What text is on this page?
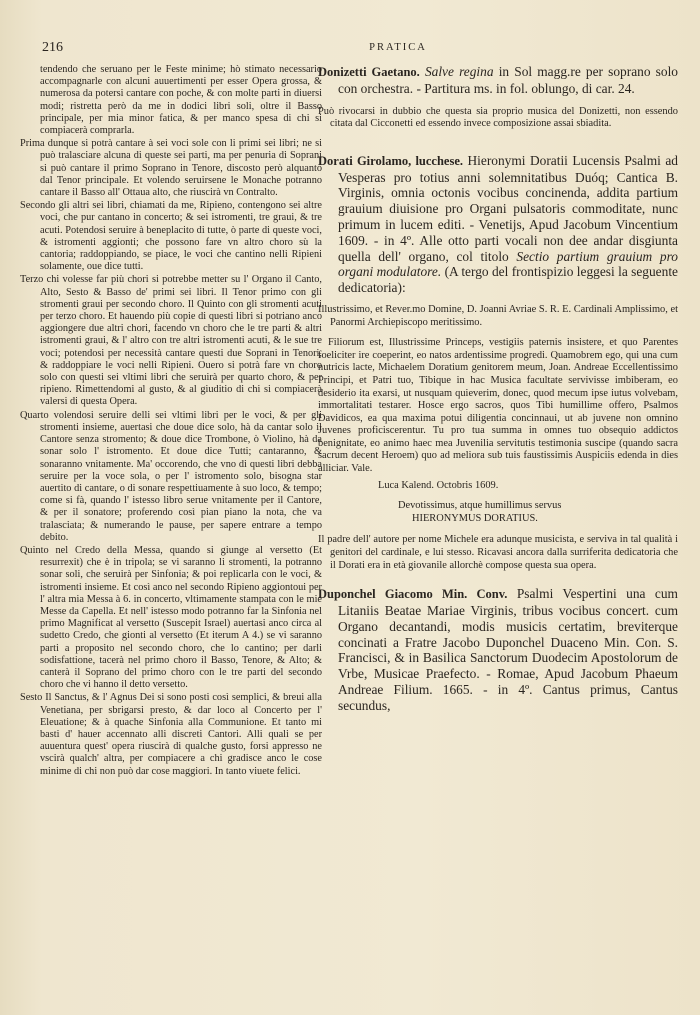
216	PRATICA

tendendo che seruano per le Feste minime; hò stimato necessario accompagnarle con alcuni auuertimenti per esser Opera grossa, & numerosa da potersi cantare con poche, & con molte parti in diuersi modi; ristretta però da me in dodici libri soli, oltre il Basso principale, per mia minor fatica, & per manco spesa di chi si compiacerà comprarla.

Prima dunque si potrà cantare à sei voci sole con li primi sei libri; ne si può tralasciare alcuna di queste sei parti, ma per penuria di Soprani si può cantare il primo Soprano in Tenore, discosto però alquanto dal Tenor principale. Et volendo seruirsene le Monache potranno cantare il Basso all' Ottaua alto, che riuscirà vn Contralto.

Secondo gli altri sei libri, chiamati da me, Ripieno, contengono sei altre voci, che pur cantano in concerto; & sei istromenti, tre graui, & tre acuti. Potendosi seruire à beneplacito di tutte, ò parte di queste voci, & istromenti aggionti; che possono fare vn altro choro sù la cantoria; raddoppiando, se piace, le voci che cantino nelli Ripieni solamente, oue dice tutti.

Terzo chi volesse far più chori si potrebbe metter su l' Organo il Canto, Alto, Sesto & Basso de' primi sei libri. Il Tenor primo con gli stromenti graui per secondo choro. Il Quinto con gli stromenti acuti per terzo choro. Et hauendo più copie di questi libri si potriano anco aggiongere due altri chori, facendo vn choro che le tre parti & altri istromenti graui, & l' altro con tre altri istromenti acuti, & le sue tre voci; potendosi per necessità cantare questi due Soprani in Tenori, & raddoppiare le voci nelli Ripieni. Ouero si potrà fare vn choro solo con questi sei vltimi libri che seruirà per quarto choro, & per ripieno. Rimettendomi al gusto, & al giuditio di chi si compiacerà valersi di questa Opera.

Quarto volendosi seruire delli sei vltimi libri per le voci, & per gli stromenti insieme, auertasi che doue dice solo, hà da cantar solo il Cantore senza stromento; & doue dice Trombone, ò Violino, hà da sonar solo l' istromento. Et doue dice Tutti; cantaranno, & sonaranno vnitamente. Ma' occorendo, che vno di questi libri debba seruire per la voce sola, o per l' istromento solo, bisogna star auertito di cantare, o di sonare respettiuamente à suo loco, & tempo; come si fà, quando l' istesso libro serue vnitamente per il Cantore, & per il sonatore; proferendo così pian piano la nota, che va tralasciata; & numerando le pause, per sapere entrare a tempo debito.

Quinto nel Credo della Messa, quando si giunge al versetto (Et resurrexit) che è in tripola; se vi saranno li stromenti, la potranno sonar soli, che seruirà per Sinfonia; & poi replicarla con le voci, & istromenti insieme. Et così anco nel secondo Ripieno aggiontoui per l' altra mia Messa à 6. in concerto, vltimamente stampata con le mie Messe da Capella. Et nell' istesso modo potranno far la Sinfonia nel primo Magnificat al versetto (Suscepit Israel) auertasi anco circa al sudetto Credo, che gionti al versetto (Et iterum A 4.) se vi saranno parti a proposito nel secondo choro, che lo cantino; per darli sodisfattione, tacerà nel primo choro il Basso, Tenore, & Alto; & canterà il Soprano del primo choro con le tre parti del secondo choro che vi hanno il detto versetto.

Sesto Il Sanctus, & l' Agnus Dei si sono posti così semplici, & breui alla Venetiana, per sbrigarsi presto, & dar loco al Concerto per l' Eleuatione; & à quache Sinfonia alla Communione. Et tanto mi basti d' hauer accennato alli discreti Cantori. Alli quali se per auuentura quest' opera riuscirà di qualche gusto, forsi appresso ne vscirà qualch' altra, per compiacere a chi gradisce anco le cose minime di chi non può dar cose maggiori. In tanto viuete felici.

Donizetti Gaetano. Salve regina in Sol magg.re per soprano solo con orchestra. - Partitura ms. in fol. oblungo, di car. 24.

Può rivocarsi in dubbio che questa sia proprio musica del Donizetti, non essendo citata dal Cicconetti ed essendo invece composizione assai sbiadita.

Dorati Girolamo, lucchese. Hieronymi Doratii Lucensis Psalmi ad Vesperas pro totius anni solemnitatibus Duóq; Cantica B. Virginis, omnia octonis vocibus concinenda, addita partium grauium diuisione pro Organi pulsatoris commoditate, nunc primum in lucem editi. - Venetijs, Apud Jacobum Vincentium 1609. - in 4º. Alle otto parti vocali non dee andar disgiunta quella dell' organo, col titolo Sectio partium grauium pro organi modulatore. (A tergo del frontispizio leggesi la seguente dedicatoria):

Illustrissimo, et Rever.mo Domine, D. Joanni Avriae S. R. E. Cardinali Amplissimo, et Panormi Archiepiscopo meritissimo.

Filiorum est, Illustrissime Princeps, vestigiis paternis insistere, et quo Parentes foeliciter ire coeperint, eo natos ardentissime progredi. Quamobrem ego, qui una cum nutricis lacte, Michaelem Doratium genitorem meum, Joan. Andreae Eccellentissimo Principi, et Patri tuo, Tibique in hac Musica facultate servivisse imbiberam, eo desiderio ita exarsi, ut nusquam quieverim, donec, quod mecum ipse iutus volvebam, immortalitati testarer. Hosce ergo sacros, quos Tibi humillime offero, Psalmos Davidicos, ea qua maxima potui diligentia concinnaui, ut ab juvene non omnino Juvenes proficiscerentur. Tu pro tua summa in omnes tuo obsequio addictos benignitate, eo animo haec mea Juvenilia servitutis testimonia suscipe (quando sacra sacrum decent Heroem) quo ad meliora sub tuis faustissimis Auspiciis edenda in dies alliciar. Vale.

Luca Kalend. Octobris 1609.

Devotissimus, atque humillimus servus

HIERONYMUS DORATIUS.

Il padre dell' autore per nome Michele era adunque musicista, e serviva in tal qualità i genitori del cardinale, e lui stesso. Ricavasi ancora dalla surriferita dedicatoria che il Dorati era in età giovanile allorchè compose questa sua opera.

Duponchel Giacomo Min. Conv. Psalmi Vespertini una cum Litaniis Beatae Mariae Virginis, tribus vocibus concert. cum Organo decantandi, modis musicis certatim, breviterque concinati a Fratre Jacobo Duponchel Duaceno Min. Con. S. Francisci, & in Basilica Sanctorum Duodecim Apostolorum de Vrbe, Musicae Praefecto. - Romae, Apud Jacobum Phaeum Andreae Filium. 1665. - in 4º. Cantus primus, Cantus secundus,
